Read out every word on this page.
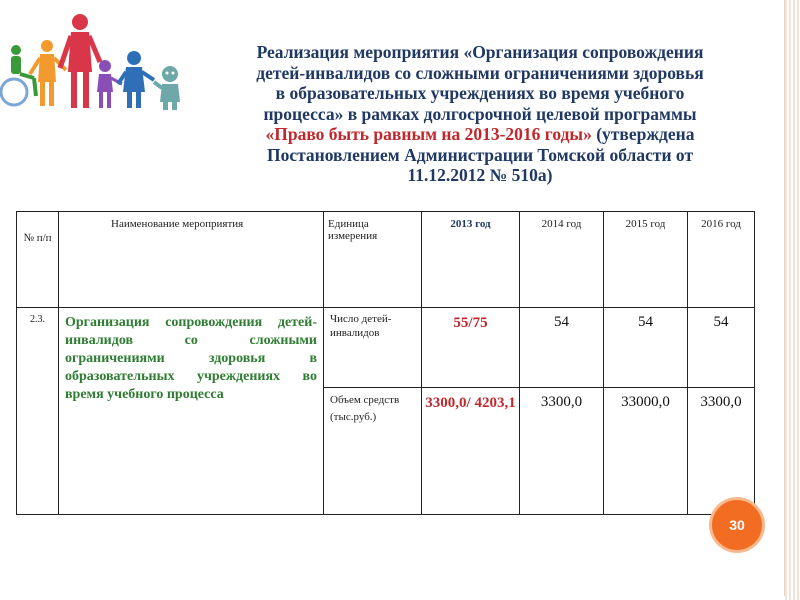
Реализация мероприятия «Организация сопровождения
детей-инвалидов со сложными ограничениями здоровья
в образовательных учреждениях во время учебного
процесса» в рамках долгосрочной целевой программы
«Право быть равным на 2013-2016 годы» (утверждена
Постановлением Администрации Томской области от
11.12.2012 № 510а)
№ п/п	Наименование мероприятия	Единица измерения	2013 год	2014 год	2015 год	2016 год
2.3.	Организация сопровождения детей-инвалидов со сложными ограничениями здоровья в образовательных учреждениях во время учебного процесса	Число детей-инвалидов	55/75	54	54	54
		Объем средств (тыс.руб.)	3300,0/ 4203,1	3300,0	33000,0	3300,0
30
